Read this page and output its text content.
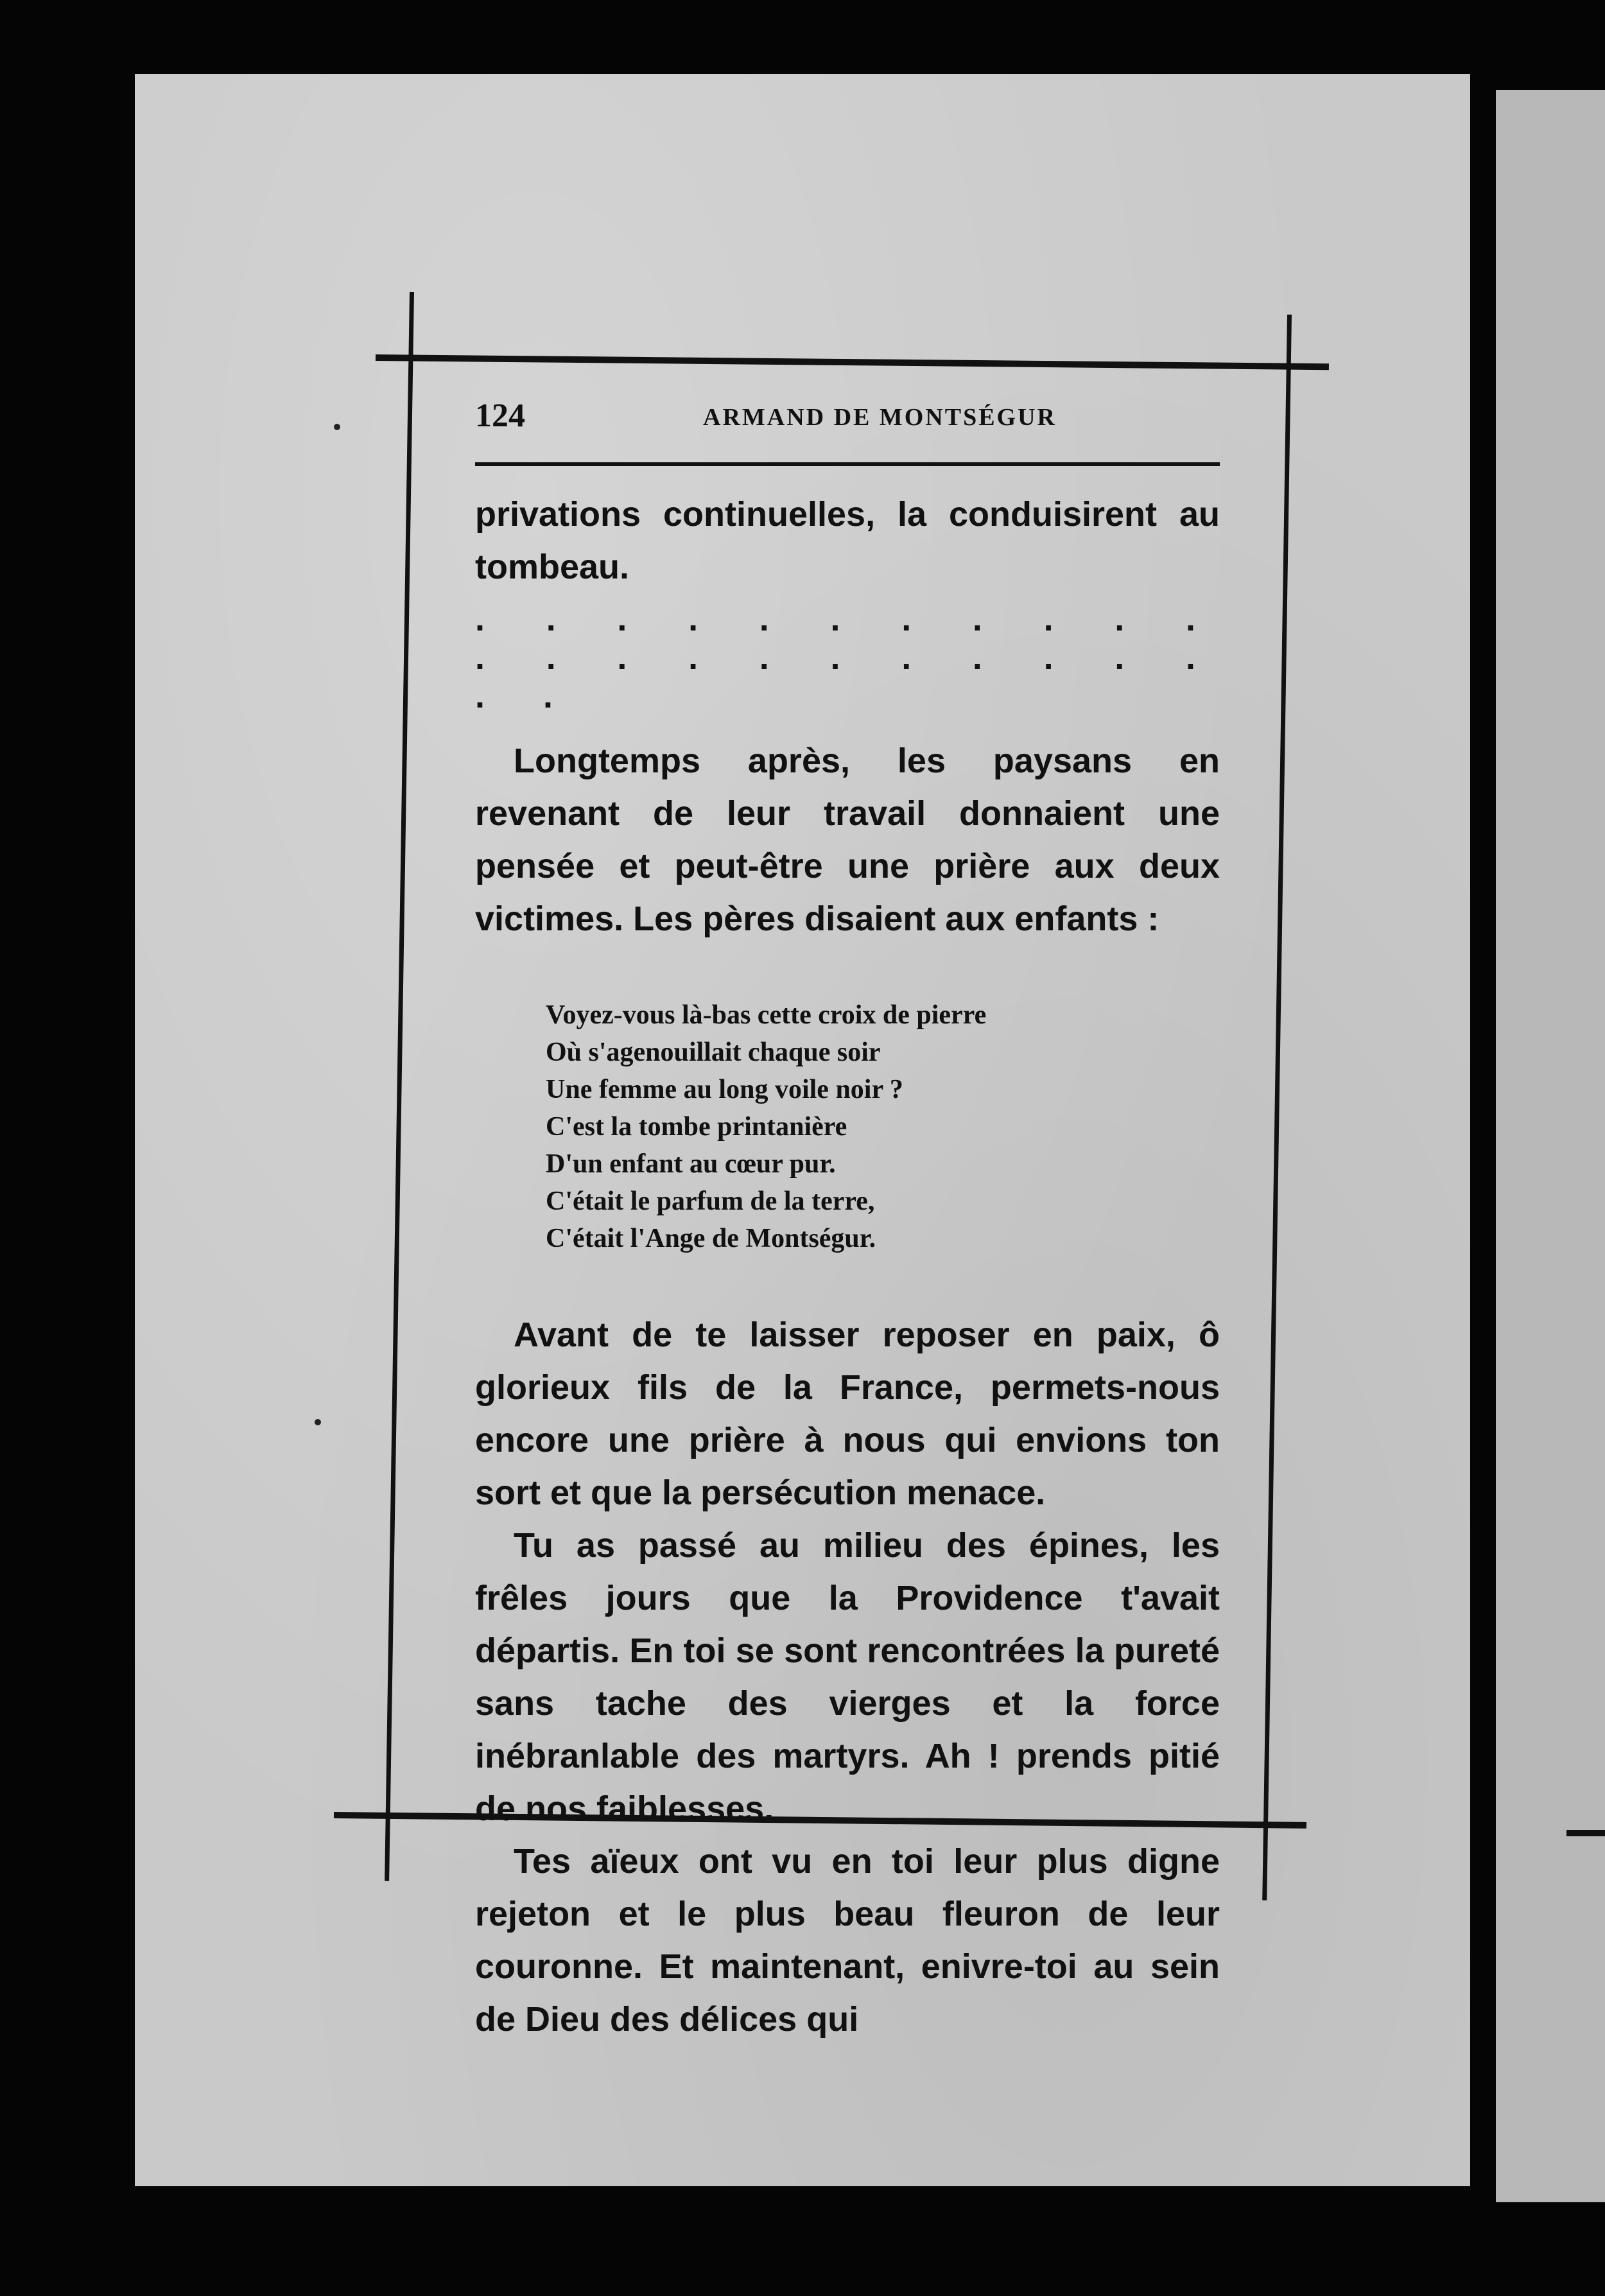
124	ARMAND DE MONTSÉGUR

privations continuelles, la conduisirent au tombeau.

. . . . . . . . . . . . . . . . . . . . . . . .

Longtemps après, les paysans en revenant de leur travail donnaient une pensée et peut-être une prière aux deux victimes. Les pères disaient aux enfants :

Voyez-vous là-bas cette croix de pierre
Où s'agenouillait chaque soir
Une femme au long voile noir ?
C'est la tombe printanière
D'un enfant au cœur pur.
C'était le parfum de la terre,
C'était l'Ange de Montségur.

Avant de te laisser reposer en paix, ô glorieux fils de la France, permets-nous encore une prière à nous qui envions ton sort et que la persécution menace.

Tu as passé au milieu des épines, les frêles jours que la Providence t'avait départis. En toi se sont rencontrées la pureté sans tache des vierges et la force inébranlable des martyrs. Ah ! prends pitié de nos faiblesses.

Tes aïeux ont vu en toi leur plus digne rejeton et le plus beau fleuron de leur couronne. Et maintenant, enivre-toi au sein de Dieu des délices qui
